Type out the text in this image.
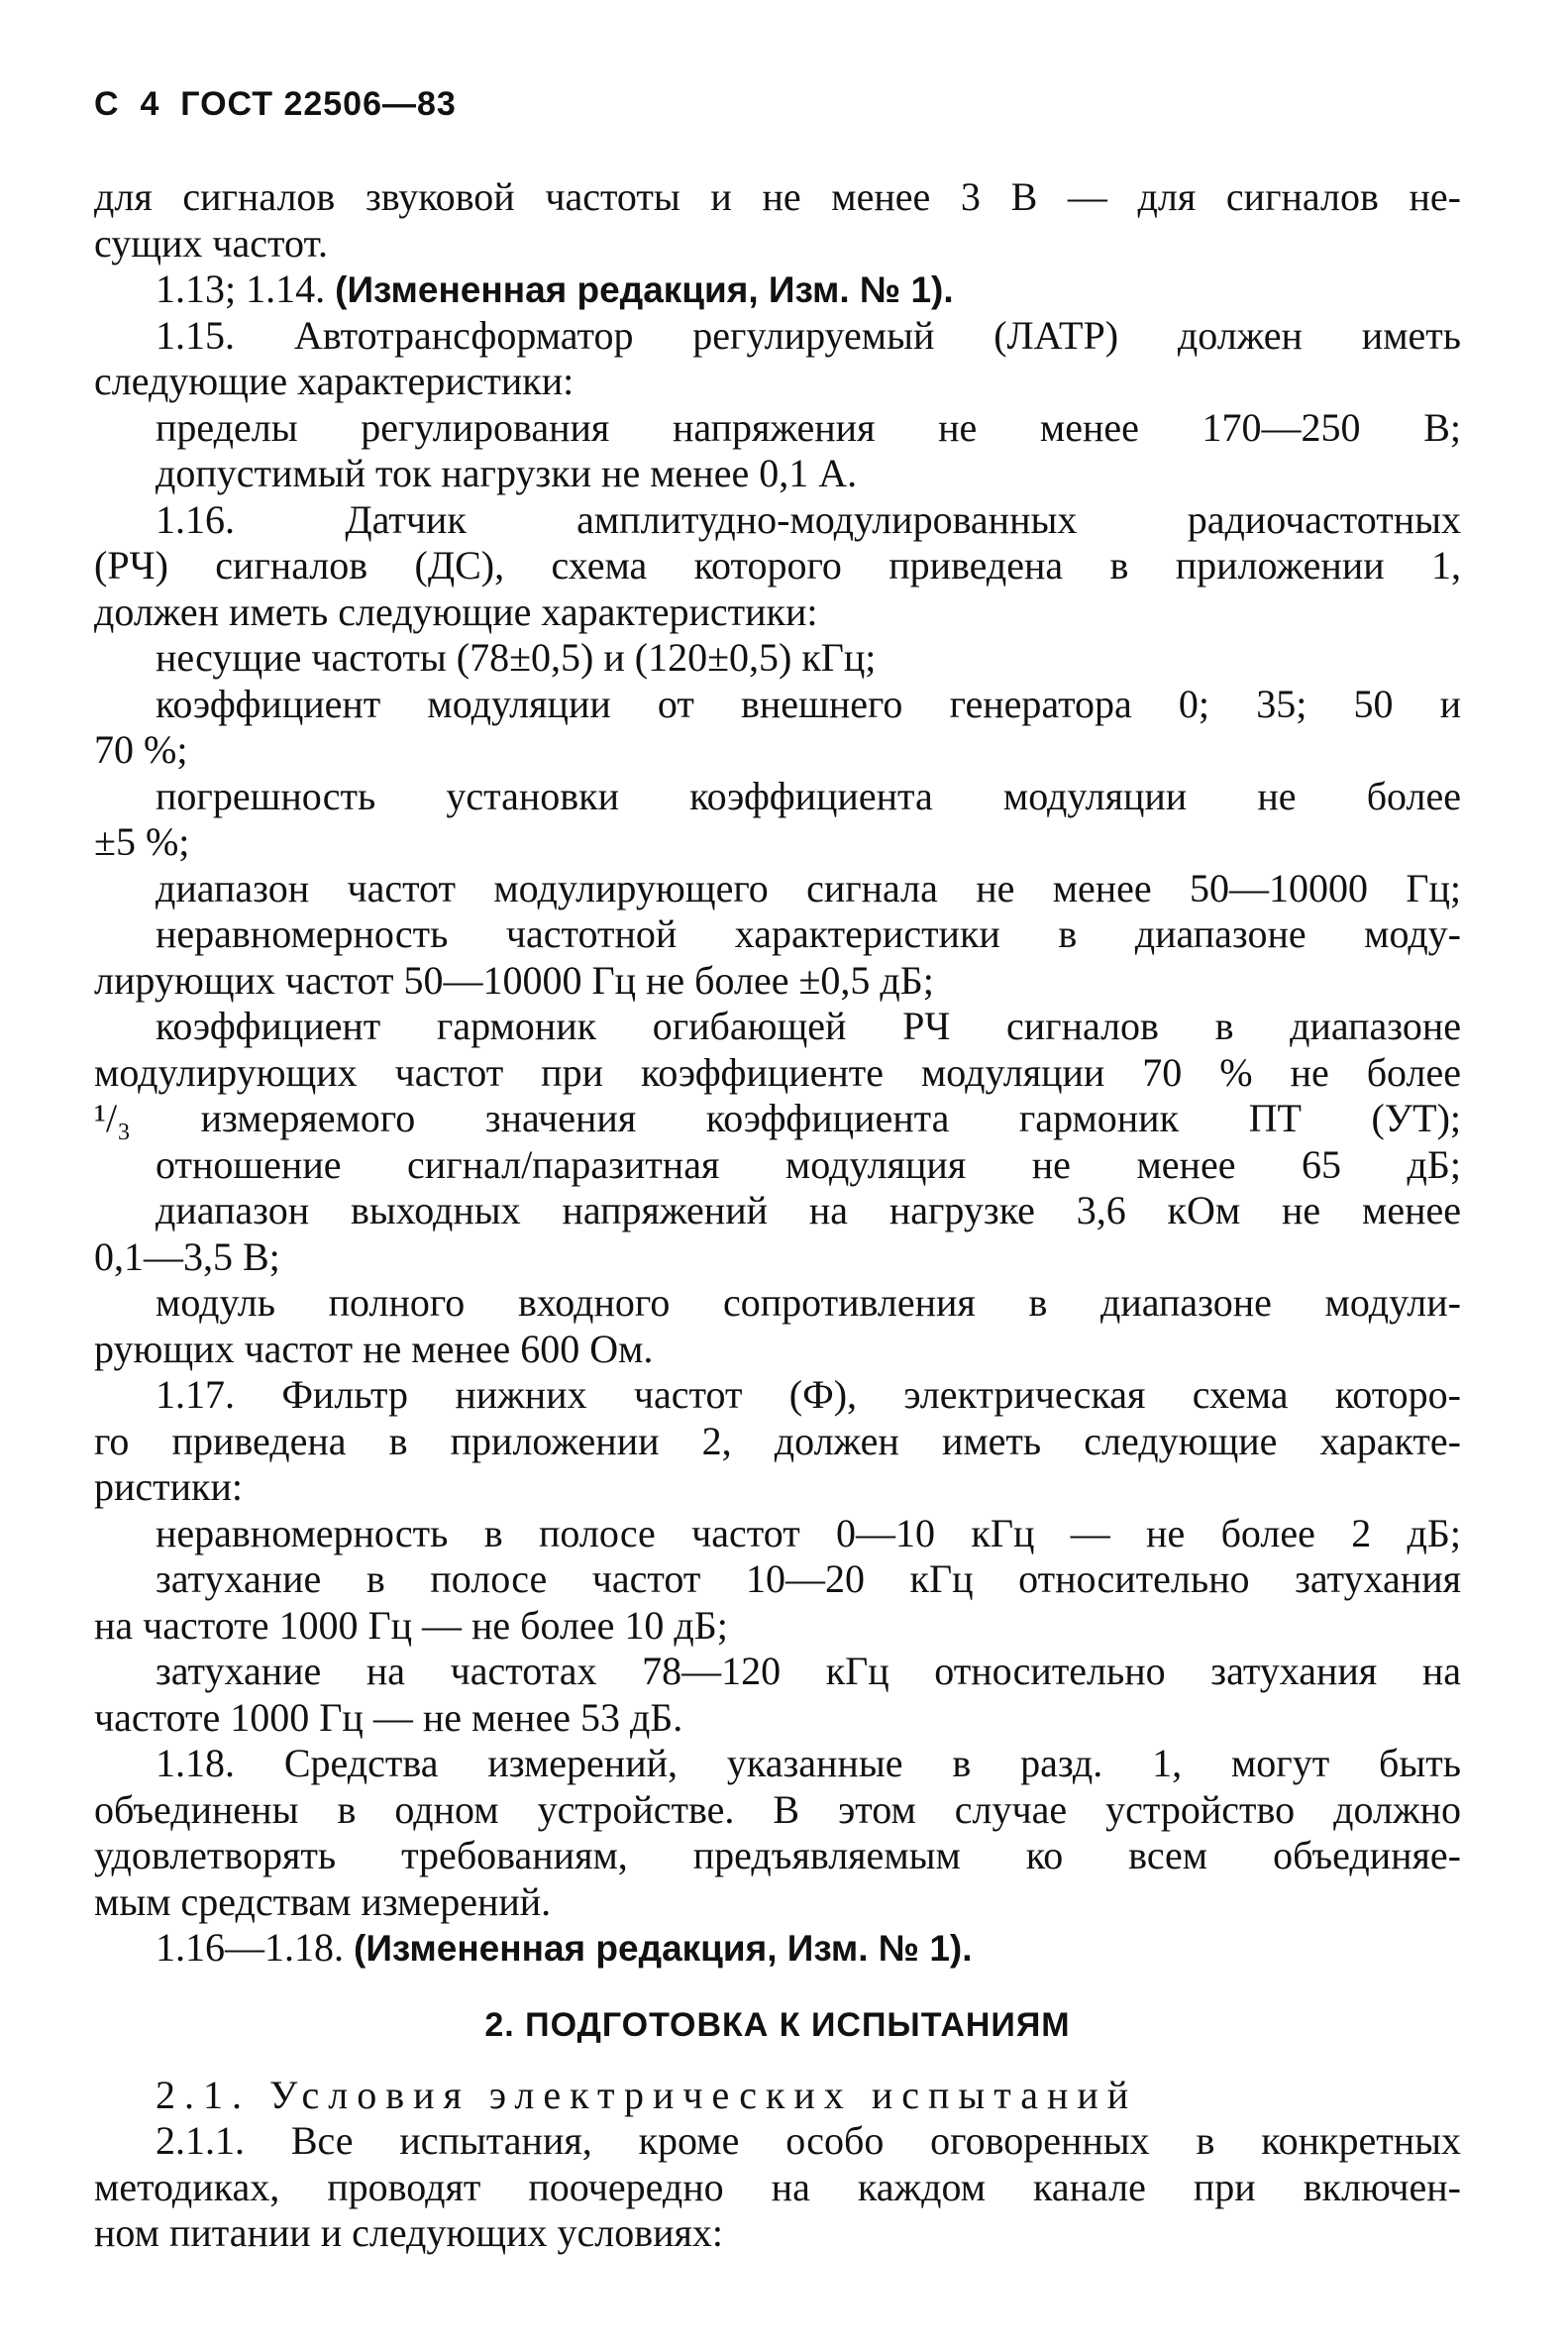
С  4  ГОСТ 22506—83
для сигналов звуковой частоты и не менее 3 В — для сигналов не-
сущих частот.
1.13; 1.14. (Измененная редакция, Изм. № 1).
1.15. Автотрансформатор регулируемый (ЛАТР) должен иметь
следующие характеристики:
пределы регулирования напряжения не менее 170—250 В;
допустимый ток нагрузки не менее 0,1 А.
1.16. Датчик амплитудно-модулированных радиочастотных
(РЧ) сигналов (ДС), схема которого приведена в приложении 1,
должен иметь следующие характеристики:
несущие частоты (78±0,5) и (120±0,5) кГц;
коэффициент модуляции от внешнего генератора 0; 35; 50 и
70 %;
погрешность установки коэффициента модуляции не более
±5 %;
диапазон частот модулирующего сигнала не менее 50—10000 Гц;
неравномерность частотной характеристики в диапазоне моду-
лирующих частот 50—10000 Гц не более ±0,5 дБ;
коэффициент гармоник огибающей РЧ сигналов в диапазоне
модулирующих частот при коэффициенте модуляции 70 % не более
¹/₃ измеряемого значения коэффициента гармоник ПТ (УТ);
отношение сигнал/паразитная модуляция не менее 65 дБ;
диапазон выходных напряжений на нагрузке 3,6 кОм не менее
0,1—3,5 В;
модуль полного входного сопротивления в диапазоне модули-
рующих частот не менее 600 Ом.
1.17. Фильтр нижних частот (Ф), электрическая схема которо-
го приведена в приложении 2, должен иметь следующие характе-
ристики:
неравномерность в полосе частот 0—10 кГц — не более 2 дБ;
затухание в полосе частот 10—20 кГц относительно затухания
на частоте 1000 Гц — не более 10 дБ;
затухание на частотах 78—120 кГц относительно затухания на
частоте 1000 Гц — не менее 53 дБ.
1.18. Средства измерений, указанные в разд. 1, могут быть
объединены в одном устройстве. В этом случае устройство должно
удовлетворять требованиям, предъявляемым ко всем объединяе-
мым средствам измерений.
1.16—1.18. (Измененная редакция, Изм. № 1).
2. ПОДГОТОВКА К ИСПЫТАНИЯМ
2.1. Условия электрических испытаний
2.1.1. Все испытания, кроме особо оговоренных в конкретных
методиках, проводят поочередно на каждом канале при включен-
ном питании и следующих условиях:
